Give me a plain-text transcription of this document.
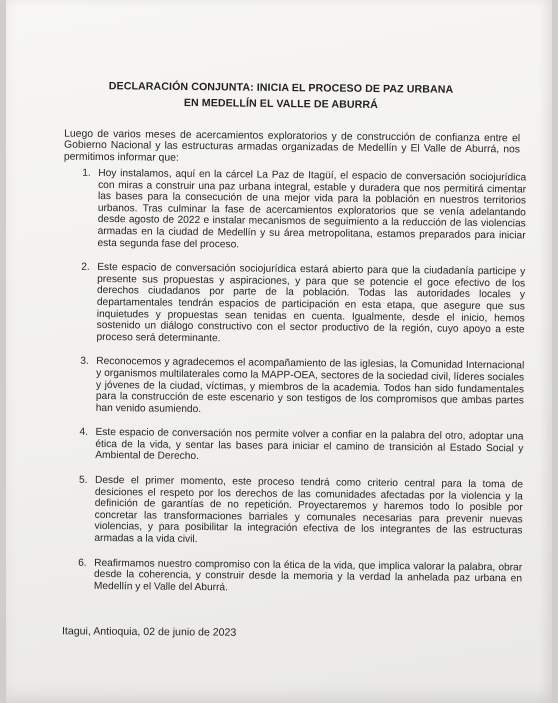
DECLARACIÓN CONJUNTA: INICIA EL PROCESO DE PAZ URBANA
EN MEDELLÍN EL VALLE DE ABURRÁ
Luego de varios meses de acercamientos exploratorios y de construcción de confianza entre el Gobierno Nacional y las estructuras armadas organizadas de Medellín y El Valle de Aburrá, nos permitimos informar que:
1. Hoy instalamos, aquí en la cárcel La Paz de Itagüí, el espacio de conversación sociojurídica con miras a construir una paz urbana integral, estable y duradera que nos permitirá cimentar las bases para la consecución de una mejor vida para la población en nuestros territorios urbanos. Tras culminar la fase de acercamientos exploratorios que se venía adelantando desde agosto de 2022 e instalar mecanismos de seguimiento a la reducción de las violencias armadas en la ciudad de Medellín y su área metropolitana, estamos preparados para iniciar esta segunda fase del proceso.
2. Este espacio de conversación sociojurídica estará abierto para que la ciudadanía participe y presente sus propuestas y aspiraciones, y para que se potencie el goce efectivo de los derechos ciudadanos por parte de la población. Todas las autoridades locales y departamentales tendrán espacios de participación en esta etapa, que asegure que sus inquietudes y propuestas sean tenidas en cuenta. Igualmente, desde el inicio, hemos sostenido un diálogo constructivo con el sector productivo de la región, cuyo apoyo a este proceso será determinante.
3. Reconocemos y agradecemos el acompañamiento de las iglesias, la Comunidad Internacional y organismos multilaterales como la MAPP-OEA, sectores de la sociedad civil, líderes sociales y jóvenes de la ciudad, víctimas, y miembros de la academia. Todos han sido fundamentales para la construcción de este escenario y son testigos de los compromisos que ambas partes han venido asumiendo.
4. Este espacio de conversación nos permite volver a confiar en la palabra del otro, adoptar una ética de la vida, y sentar las bases para iniciar el camino de transición al Estado Social y Ambiental de Derecho.
5. Desde el primer momento, este proceso tendrá como criterio central para la toma de desiciones el respeto por los derechos de las comunidades afectadas por la violencia y la definición de garantías de no repetición. Proyectaremos y haremos todo lo posible por concretar las transformaciones barriales y comunales necesarias para prevenir nuevas violencias, y para posibilitar la integración efectiva de los integrantes de las estructuras armadas a la vida civil.
6. Reafirmamos nuestro compromiso con la ética de la vida, que implica valorar la palabra, obrar desde la coherencia, y construir desde la memoria y la verdad la anhelada paz urbana en Medellín y el Valle del Aburrá.
Itagui, Antioquia, 02 de junio de 2023
